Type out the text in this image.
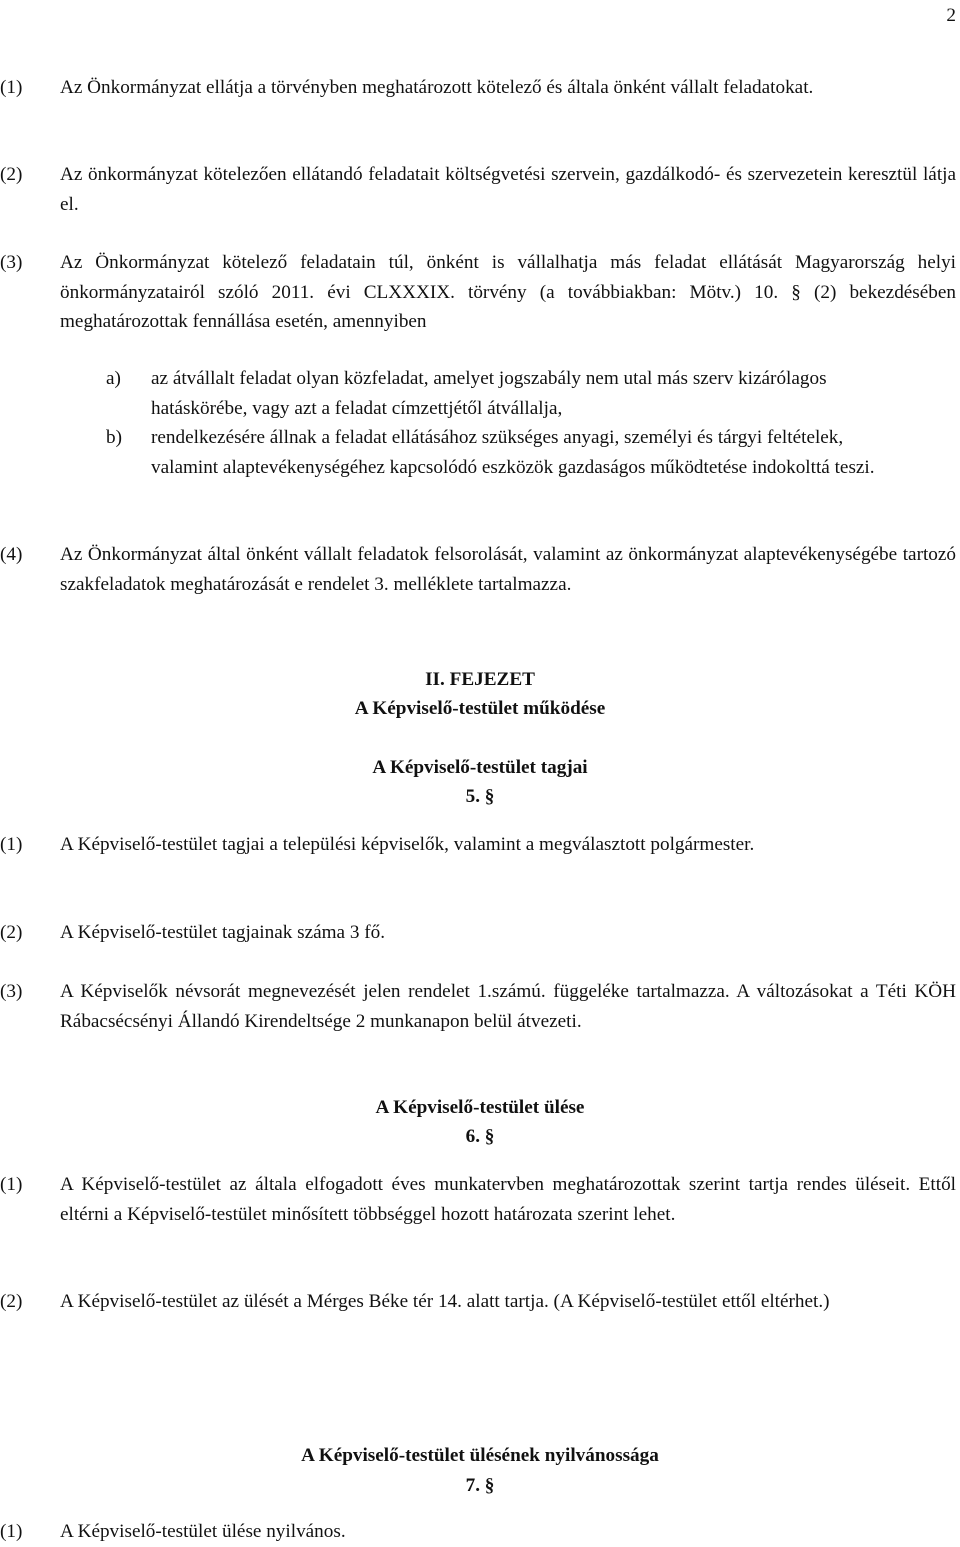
2
(1) Az Önkormányzat ellátja a törvényben meghatározott kötelező és általa önként vállalt feladatokat.
(2) Az önkormányzat kötelezően ellátandó feladatait költségvetési szervein, gazdálkodó- és szervezetein keresztül látja el.
(3) Az Önkormányzat kötelező feladatain túl, önként is vállalhatja más feladat ellátását Magyarország helyi önkormányzatairól szóló 2011. évi CLXXXIX. törvény (a továbbiakban: Mötv.) 10. § (2) bekezdésében meghatározottak fennállása esetén, amennyiben
a) az átvállalt feladat olyan közfeladat, amelyet jogszabály nem utal más szerv kizárólagos hatáskörébe, vagy azt a feladat címzettjétől átvállalja,
b) rendelkezésére állnak a feladat ellátásához szükséges anyagi, személyi és tárgyi feltételek, valamint alaptevékenységéhez kapcsolódó eszközök gazdaságos működtetése indokolttá teszi.
(4) Az Önkormányzat által önként vállalt feladatok felsorolását, valamint az önkormányzat alaptevékenységébe tartozó szakfeladatok meghatározását e rendelet 3. melléklete tartalmazza.
II. FEJEZET
A Képviselő-testület működése
A Képviselő-testület tagjai
5. §
(1) A Képviselő-testület tagjai a települési képviselők, valamint a megválasztott polgármester.
(2) A Képviselő-testület tagjainak száma 3 fő.
(3) A Képviselők névsorát megnevezését jelen rendelet 1.számú. függeléke tartalmazza. A változásokat a Téti KÖH Rábacsécsényi Állandó Kirendeltsége 2 munkanapon belül átvezeti.
A Képviselő-testület ülése
6. §
(1) A Képviselő-testület az általa elfogadott éves munkatervben meghatározottak szerint tartja rendes üléseit. Ettől eltérni a Képviselő-testület minősített többséggel hozott határozata szerint lehet.
(2) A Képviselő-testület az ülését a Mérges Béke tér 14. alatt tartja. (A Képviselő-testület ettől eltérhet.)
A Képviselő-testület ülésének nyilvánossága
7. §
(1) A Képviselő-testület ülése nyilvános.
